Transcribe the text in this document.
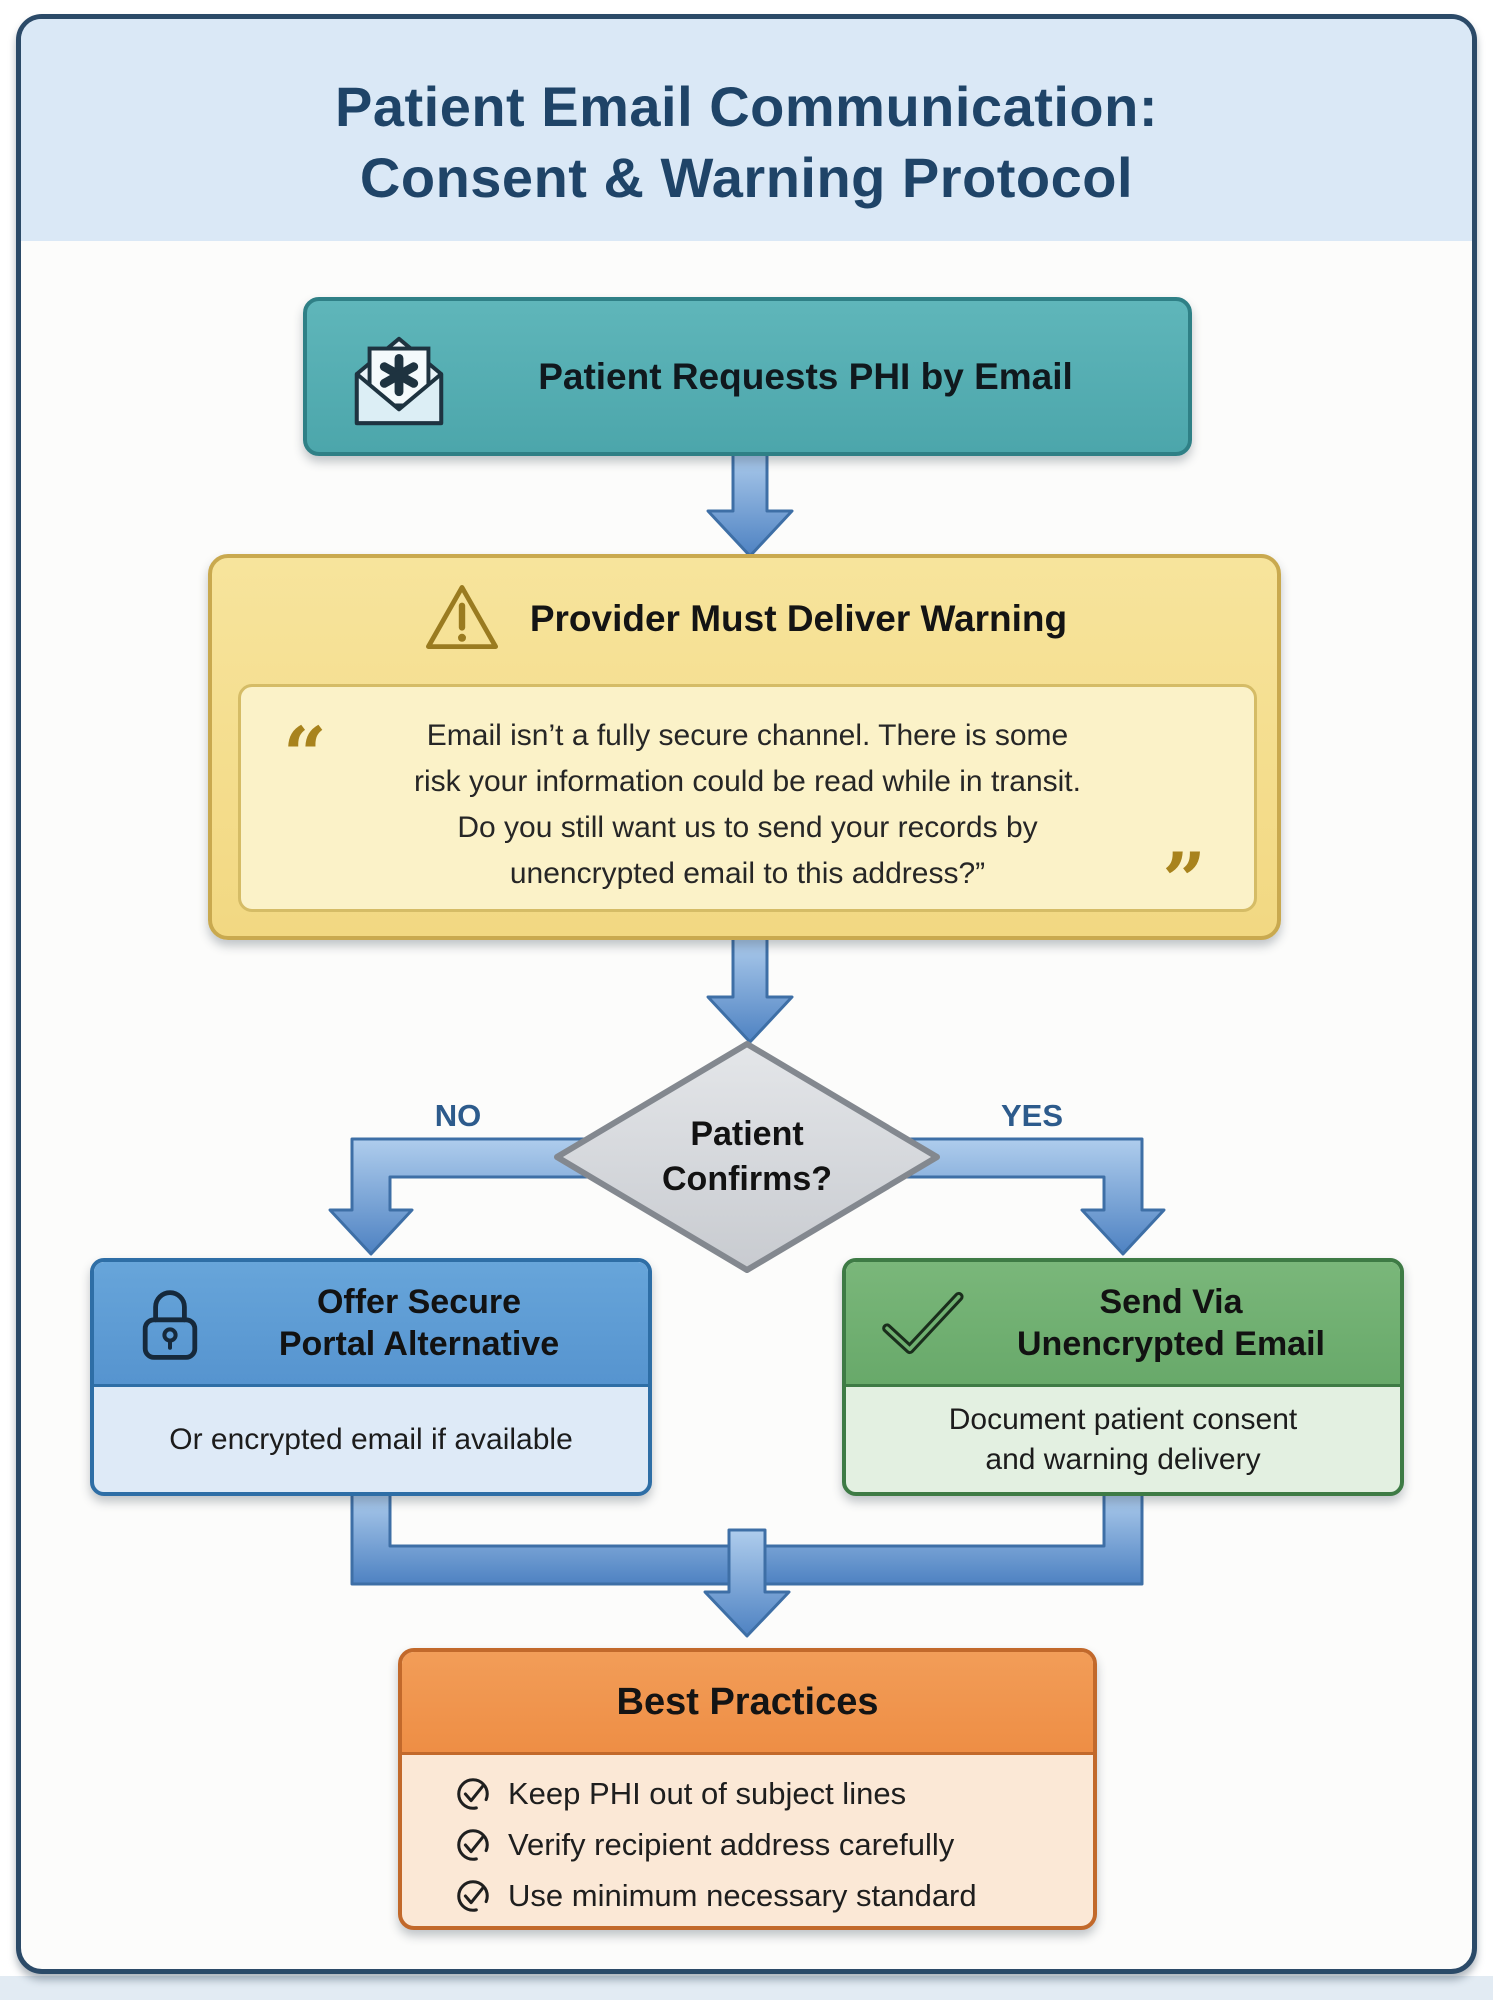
Patient Email Communication:
Consent & Warning Protocol
Patient Requests PHI by Email
Provider Must Deliver Warning
“	Email isn’t a fully secure channel. There is some
risk your information could be read while in transit.
Do you still want us to send your records by
unencrypted email to this address?”	”
Patient
Confirms?
NO	YES
Offer Secure
Portal Alternative
Or encrypted email if available
Send Via
Unencrypted Email
Document patient consent
and warning delivery
Best Practices
Keep PHI out of subject lines
Verify recipient address carefully
Use minimum necessary standard
